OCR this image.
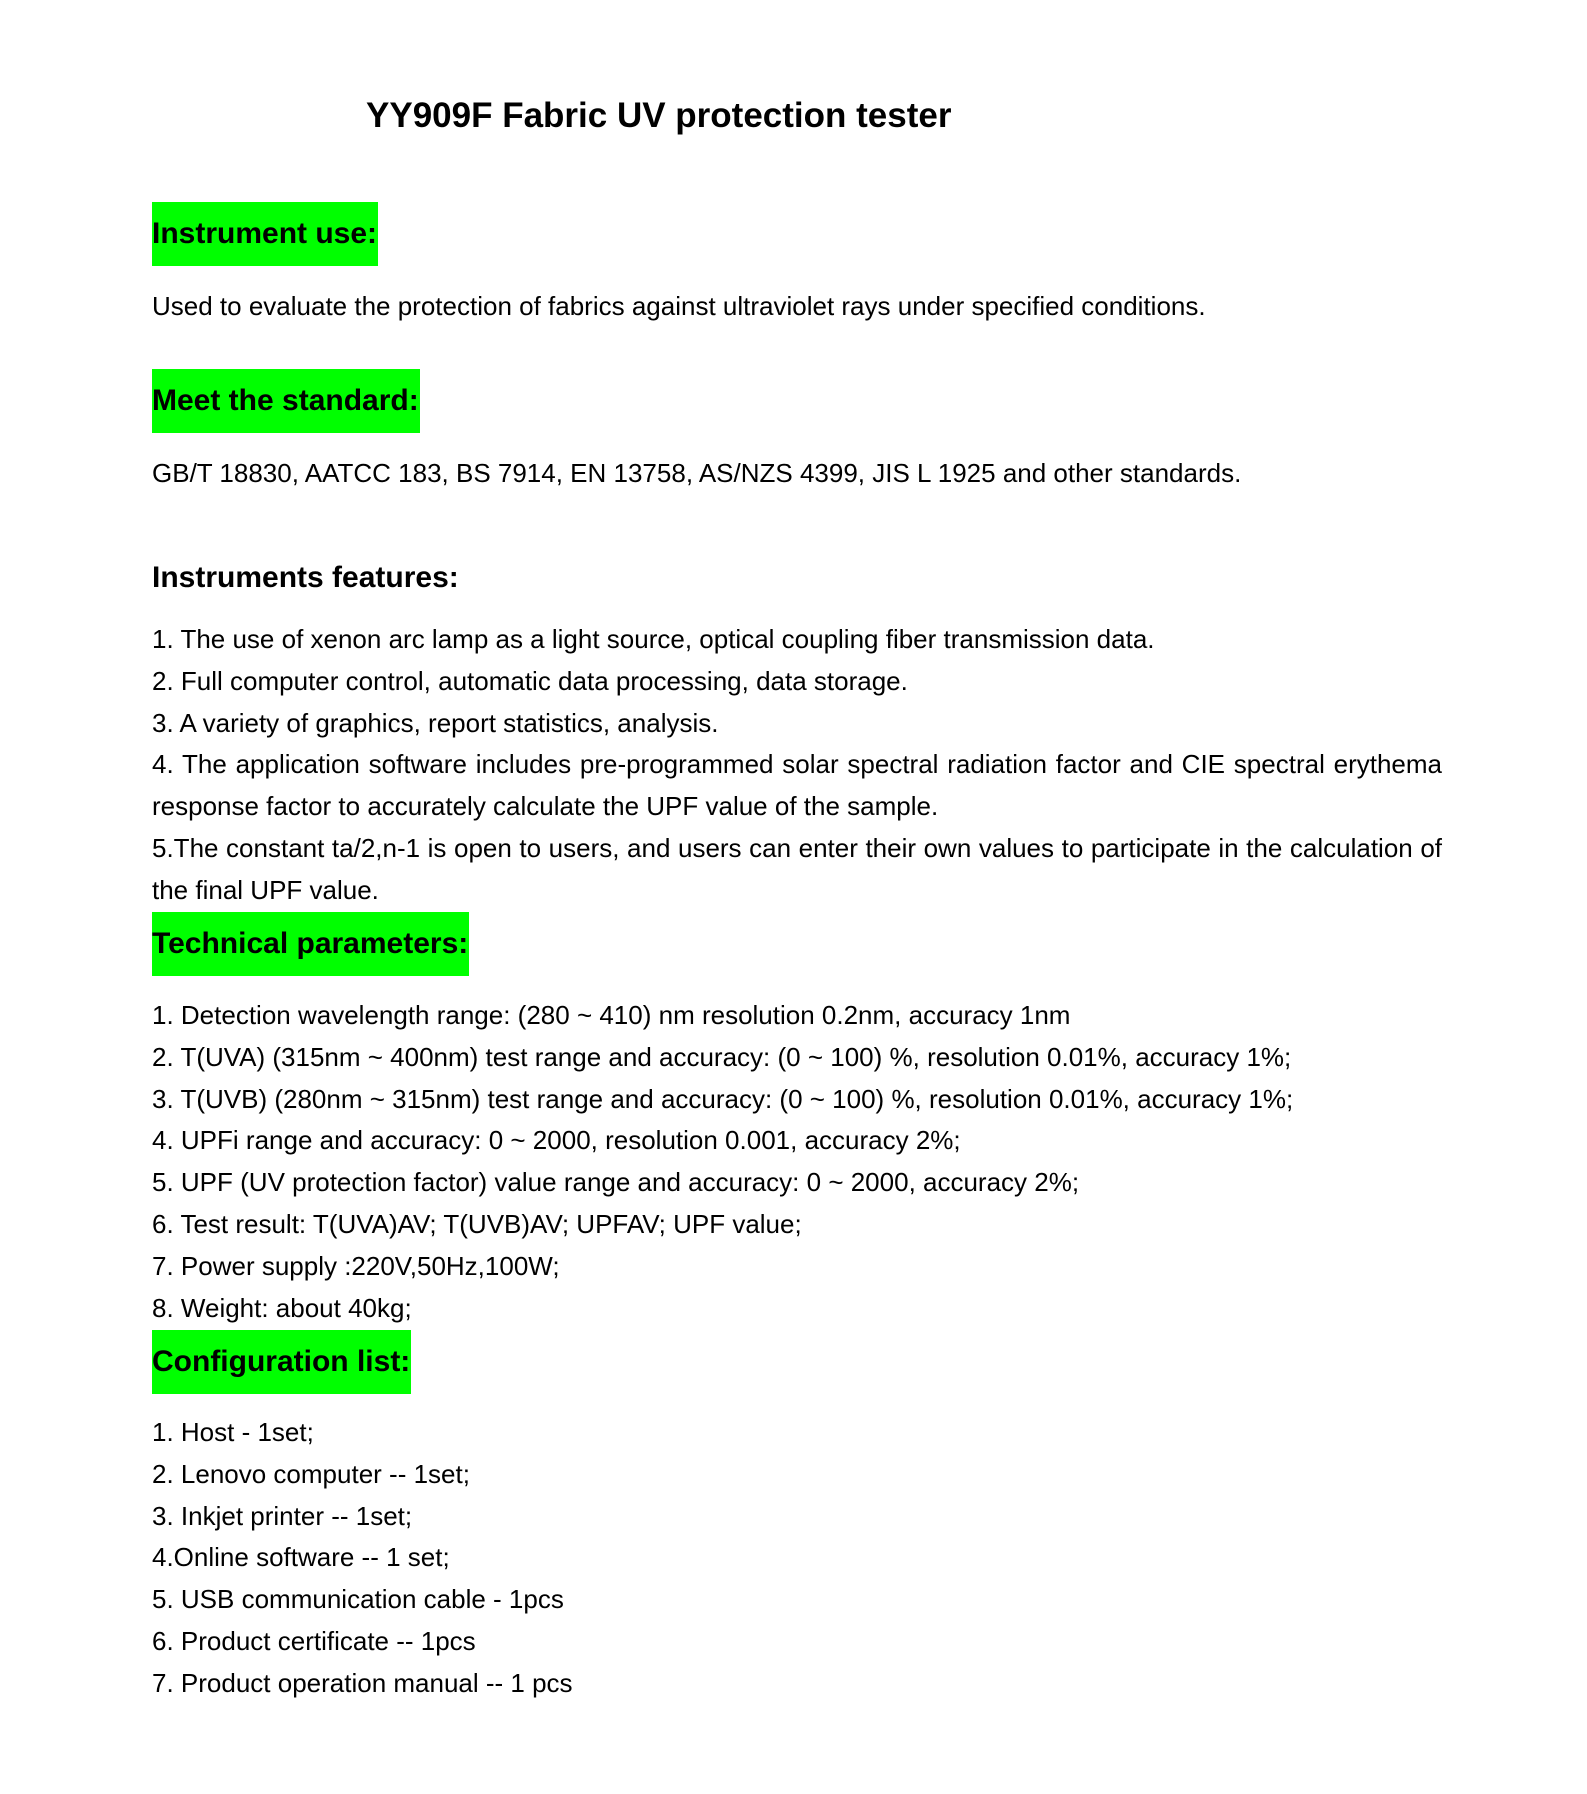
YY909F Fabric UV protection tester
Instrument use:

Used to evaluate the protection of fabrics against ultraviolet rays under specified conditions.

Meet the standard:

GB/T 18830, AATCC 183, BS 7914, EN 13758, AS/NZS 4399, JIS L 1925 and other standards.

Instruments features:
1. The use of xenon arc lamp as a light source, optical coupling fiber transmission data.
2. Full computer control, automatic data processing, data storage.
3. A variety of graphics, report statistics, analysis.
4. The application software includes pre-programmed solar spectral radiation factor and CIE spectral erythema response factor to accurately calculate the UPF value of the sample.
5.The constant ta/2,n-1 is open to users, and users can enter their own values to participate in the calculation of the final UPF value.
Technical parameters:
1. Detection wavelength range: (280 ~ 410) nm resolution 0.2nm, accuracy 1nm
2. T(UVA) (315nm ~ 400nm) test range and accuracy: (0 ~ 100) %, resolution 0.01%, accuracy 1%;
3. T(UVB) (280nm ~ 315nm) test range and accuracy: (0 ~ 100) %, resolution 0.01%, accuracy 1%;
4. UPFi range and accuracy: 0 ~ 2000, resolution 0.001, accuracy 2%;
5. UPF (UV protection factor) value range and accuracy: 0 ~ 2000, accuracy 2%;
6. Test result: T(UVA)AV; T(UVB)AV; UPFAV; UPF value;
7. Power supply :220V,50Hz,100W;
8. Weight: about 40kg;
Configuration list:
1. Host - 1set;
2. Lenovo computer -- 1set;
3. Inkjet printer -- 1set;
4.Online software -- 1 set;
5. USB communication cable - 1pcs
6. Product certificate -- 1pcs
7. Product operation manual -- 1 pcs
